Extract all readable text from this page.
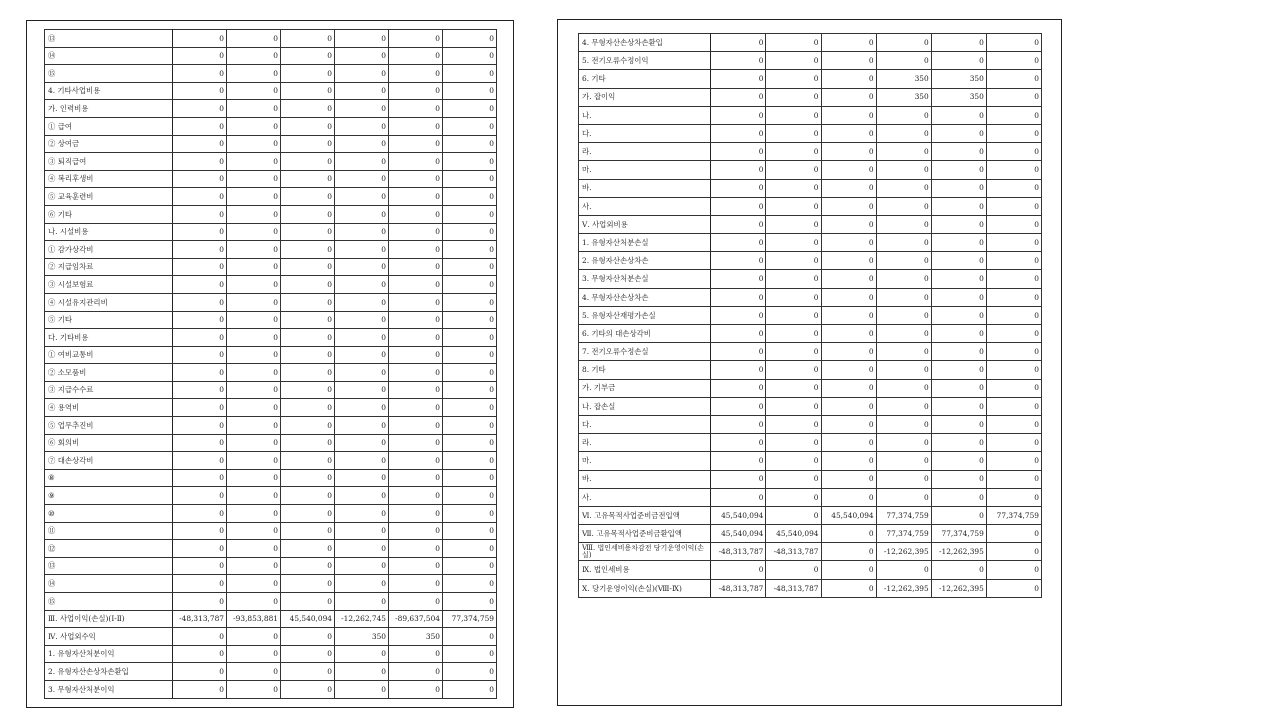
⑬	0	0	0	0	0	0
⑭	0	0	0	0	0	0
⑮	0	0	0	0	0	0
4. 기타사업비용	0	0	0	0	0	0
가. 인력비용	0	0	0	0	0	0
① 급여	0	0	0	0	0	0
② 상여금	0	0	0	0	0	0
③ 퇴직급여	0	0	0	0	0	0
④ 복리후생비	0	0	0	0	0	0
⑤ 교육훈련비	0	0	0	0	0	0
⑥ 기타	0	0	0	0	0	0
나. 시설비용	0	0	0	0	0	0
① 감가상각비	0	0	0	0	0	0
② 지급임차료	0	0	0	0	0	0
③ 시설보험료	0	0	0	0	0	0
④ 시설유지관리비	0	0	0	0	0	0
⑤ 기타	0	0	0	0	0	0
다. 기타비용	0	0	0	0	0	0
① 여비교통비	0	0	0	0	0	0
② 소모품비	0	0	0	0	0	0
③ 지급수수료	0	0	0	0	0	0
④ 용역비	0	0	0	0	0	0
⑤ 업무추진비	0	0	0	0	0	0
⑥ 회의비	0	0	0	0	0	0
⑦ 대손상각비	0	0	0	0	0	0
⑧	0	0	0	0	0	0
⑨	0	0	0	0	0	0
⑩	0	0	0	0	0	0
⑪	0	0	0	0	0	0
⑫	0	0	0	0	0	0
⑬	0	0	0	0	0	0
⑭	0	0	0	0	0	0
⑮	0	0	0	0	0	0
Ⅲ. 사업이익(손실)(Ⅰ-Ⅱ)	-48,313,787	-93,853,881	45,540,094	-12,262,745	-89,637,504	77,374,759
Ⅳ. 사업외수익	0	0	0	350	350	0
1. 유형자산처분이익	0	0	0	0	0	0
2. 유형자산손상차손환입	0	0	0	0	0	0
3. 무형자산처분이익	0	0	0	0	0	0
4. 무형자산손상차손환입	0	0	0	0	0	0
5. 전기오류수정이익	0	0	0	0	0	0
6. 기타	0	0	0	350	350	0
가. 잡이익	0	0	0	350	350	0
나.	0	0	0	0	0	0
다.	0	0	0	0	0	0
라.	0	0	0	0	0	0
마.	0	0	0	0	0	0
바.	0	0	0	0	0	0
사.	0	0	0	0	0	0
Ⅴ. 사업외비용	0	0	0	0	0	0
1. 유형자산처분손실	0	0	0	0	0	0
2. 유형자산손상차손	0	0	0	0	0	0
3. 무형자산처분손실	0	0	0	0	0	0
4. 무형자산손상차손	0	0	0	0	0	0
5. 유형자산재평가손실	0	0	0	0	0	0
6. 기타의 대손상각비	0	0	0	0	0	0
7. 전기오류수정손실	0	0	0	0	0	0
8. 기타	0	0	0	0	0	0
가. 기부금	0	0	0	0	0	0
나. 잡손실	0	0	0	0	0	0
다.	0	0	0	0	0	0
라.	0	0	0	0	0	0
마.	0	0	0	0	0	0
바.	0	0	0	0	0	0
사.	0	0	0	0	0	0
Ⅵ. 고유목적사업준비금전입액	45,540,094	0	45,540,094	77,374,759	0	77,374,759
Ⅶ. 고유목적사업준비금환입액	45,540,094	45,540,094	0	77,374,759	77,374,759	0
Ⅷ. 법인세비용차감전 당기운영이익(손실)	-48,313,787	-48,313,787	0	-12,262,395	-12,262,395	0
Ⅸ. 법인세비용	0	0	0	0	0	0
Ⅹ. 당기운영이익(손실)(Ⅷ-Ⅸ)	-48,313,787	-48,313,787	0	-12,262,395	-12,262,395	0
